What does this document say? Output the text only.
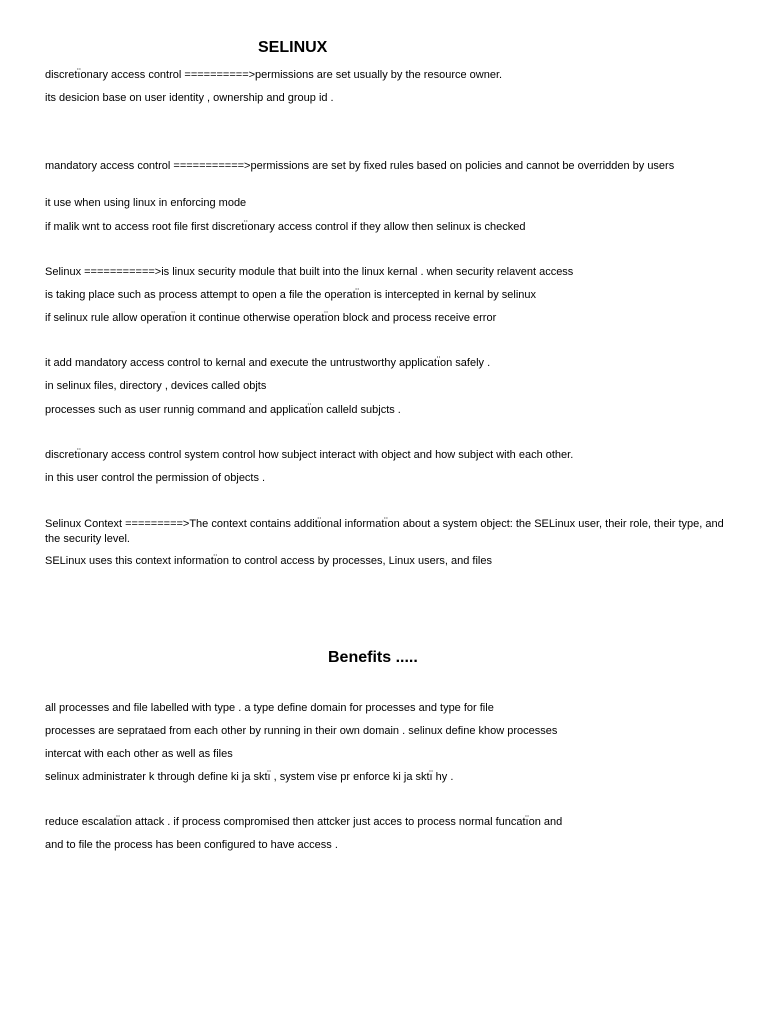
SELINUX

discretı̈onary access control ==========>permissions are set usually by the resource owner.

its desicion base on user identity , ownership and group id .

mandatory access control ===========>permissions are set by fixed rules based on policies and cannot be overridden by users

it use when using linux in enforcing mode

if malik wnt to access root file first discretı̈onary access control if they allow then selinux is checked

Selinux ===========>is linux security module that built into the linux kernal . when security relavent access

is taking place such as process attempt to open a file the operatı̈on is intercepted in kernal by selinux

if selinux rule allow operatı̈on it continue otherwise operatı̈on block and process receive error

it add mandatory access control to kernal and execute the untrustworthy applicatı̈on safely .

in selinux files, directory , devices called objts

processes such as user runnig command and applicatı̈on calleld subjcts .

discretı̈onary access control system control how subject interact with object and how subject with each other.

in this user control the permission of objects .

Selinux Context =========>The context contains additı̈onal informatı̈on about a system object: the SELinux user, their role, their type, and the security level.

SELinux uses this context informatı̈on to control access by processes, Linux users, and files

Benefits .....

all processes and file labelled with type . a type define domain for processes and type for file

processes are seprataed from each other by running in their own domain . selinux define khow processes

intercat with each other as well as files

selinux administrater k through define ki ja sktı̈ , system vise pr enforce ki ja sktı̈ hy .

reduce escalatı̈on attack . if process compromised then attcker just acces to process normal funcatı̈on and

and to file the process has been configured to have access .
